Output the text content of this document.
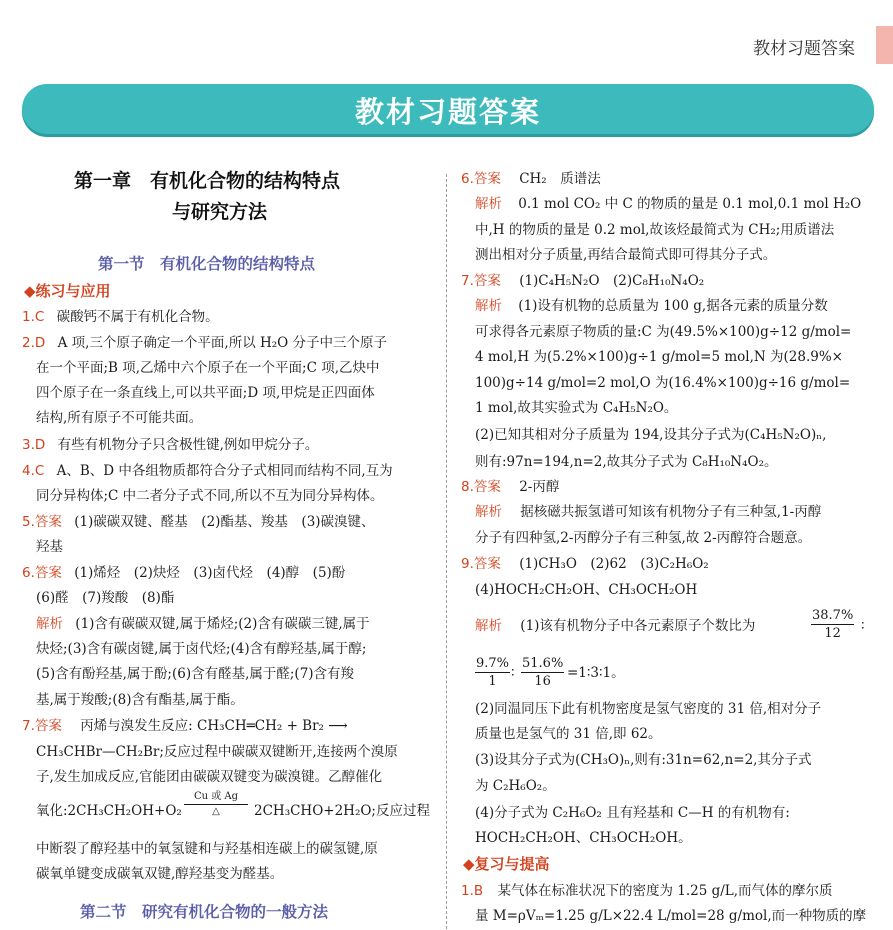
教材习题答案
教材习题答案
第一章　有机化合物的结构特点
与研究方法
第一节　有机化合物的结构特点
◆练习与应用
1.C 碳酸钙不属于有机化合物。
2.D A 项,三个原子确定一个平面,所以 H₂O 分子中三个原子
在一个平面;B 项,乙烯中六个原子在一个平面;C 项,乙炔中
四个原子在一条直线上,可以共平面;D 项,甲烷是正四面体
结构,所有原子不可能共面。
3.D 有些有机物分子只含极性键,例如甲烷分子。
4.C A、B、D 中各组物质都符合分子式相同而结构不同,互为
同分异构体;C 中二者分子式不同,所以不互为同分异构体。
5.答案 (1)碳碳双键、醛基　(2)酯基、羧基　(3)碳溴键、
羟基
6.答案 (1)烯烃　(2)炔烃　(3)卤代烃　(4)醇　(5)酚
(6)醛　(7)羧酸　(8)酯
解析 (1)含有碳碳双键,属于烯烃;(2)含有碳碳三键,属于
炔烃;(3)含有碳卤键,属于卤代烃;(4)含有醇羟基,属于醇;
(5)含有酚羟基,属于酚;(6)含有醛基,属于醛;(7)含有羧
基,属于羧酸;(8)含有酯基,属于酯。
7.答案 丙烯与溴发生反应: CH₃CH═CH₂ + Br₂ ⟶
CH₃CHBr—CH₂Br;反应过程中碳碳双键断开,连接两个溴原
子,发生加成反应,官能团由碳碳双键变为碳溴键。乙醇催化
氧化:2CH₃CH₂OH+O₂
Cu 或 Ag
△	2CH₃CHO+2H₂O;反应过程
中断裂了醇羟基中的氧氢键和与羟基相连碳上的碳氢键,原
碳氧单键变成碳氧双键,醇羟基变为醛基。
第二节　研究有机化合物的一般方法
6.答案 CH₂　质谱法
解析 0.1 mol CO₂ 中 C 的物质的量是 0.1 mol,0.1 mol H₂O
中,H 的物质的量是 0.2 mol,故该烃最简式为 CH₂;用质谱法
测出相对分子质量,再结合最简式即可得其分子式。
7.答案 (1)C₄H₅N₂O　(2)C₈H₁₀N₄O₂
解析 (1)设有机物的总质量为 100 g,据各元素的质量分数
可求得各元素原子物质的量:C 为(49.5%×100)g÷12 g/mol=
4 mol,H 为(5.2%×100)g÷1 g/mol=5 mol,N 为(28.9%×
100)g÷14 g/mol=2 mol,O 为(16.4%×100)g÷16 g/mol=
1 mol,故其实验式为 C₄H₅N₂O。
(2)已知其相对分子质量为 194,设其分子式为(C₄H₅N₂O)ₙ,
则有:97n=194,n=2,故其分子式为 C₈H₁₀N₄O₂。
8.答案 2-丙醇
解析 据核磁共振氢谱可知该有机物分子有三种氢,1-丙醇
分子有四种氢,2-丙醇分子有三种氢,故 2-丙醇符合题意。
9.答案 (1)CH₃O　(2)62　(3)C₂H₆O₂
(4)HOCH₂CH₂OH、CH₃OCH₂OH
解析 (1)该有机物分子中各元素原子个数比为	$\frac{38.7\%}{12}$ ∶
$\frac{9.7\%}{1}$ ∶ $\frac{51.6\%}{16}$ =1∶3∶1。
(2)同温同压下此有机物密度是氢气密度的 31 倍,相对分子
质量也是氢气的 31 倍,即 62。
(3)设其分子式为(CH₃O)ₙ,则有:31n=62,n=2,其分子式
为 C₂H₆O₂。
(4)分子式为 C₂H₆O₂ 且有羟基和 C—H 的有机物有:
HOCH₂CH₂OH、CH₃OCH₂OH。
◆复习与提高
1.B 某气体在标准状况下的密度为 1.25 g/L,而气体的摩尔质
量 M=ρVₘ=1.25 g/L×22.4 L/mol=28 g/mol,而一种物质的摩
